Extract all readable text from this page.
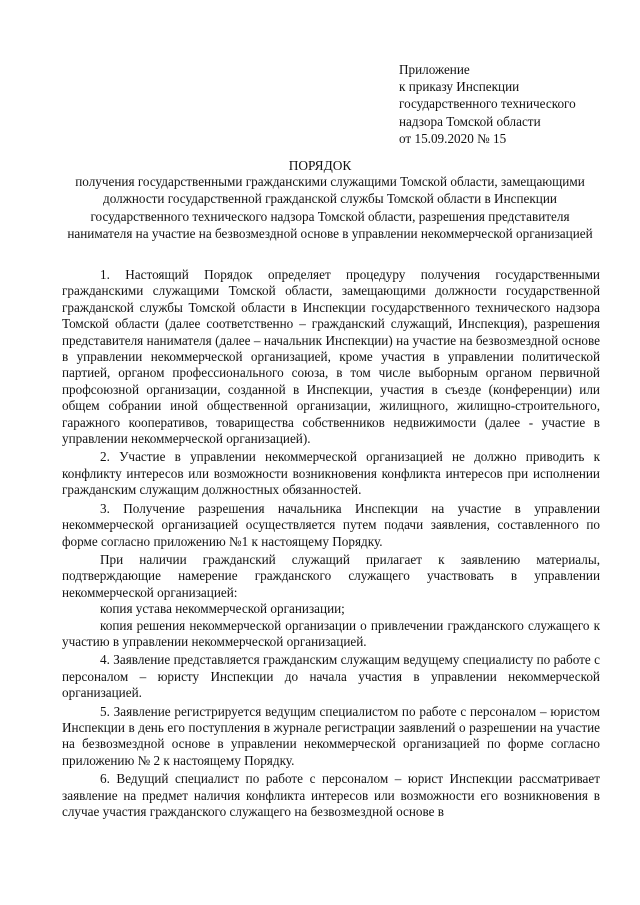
Приложение
к приказу Инспекции
государственного технического
надзора Томской области
от 15.09.2020 № 15
ПОРЯДОК
получения государственными гражданскими служащими Томской области, замещающими должности государственной гражданской службы Томской области в Инспекции государственного технического надзора Томской области, разрешения представителя нанимателя на участие на безвозмездной основе в управлении некоммерческой организацией

1. Настоящий Порядок определяет процедуру получения государственными гражданскими служащими Томской области, замещающими должности государственной гражданской службы Томской области в Инспекции государственного технического надзора Томской области (далее соответственно – гражданский служащий, Инспекция), разрешения представителя нанимателя (далее – начальник Инспекции) на участие на безвозмездной основе в управлении некоммерческой организацией, кроме участия в управлении политической партией, органом профессионального союза, в том числе выборным органом первичной профсоюзной организации, созданной в Инспекции, участия в съезде (конференции) или общем собрании иной общественной организации, жилищного, жилищно-строительного, гаражного кооперативов, товарищества собственников недвижимости (далее - участие в управлении некоммерческой организацией).

2. Участие в управлении некоммерческой организацией не должно приводить к конфликту интересов или возможности возникновения конфликта интересов при исполнении гражданским служащим должностных обязанностей.

3. Получение разрешения начальника Инспекции на участие в управлении некоммерческой организацией осуществляется путем подачи заявления, составленного по форме согласно приложению №1 к настоящему Порядку.

При наличии гражданский служащий прилагает к заявлению материалы, подтверждающие намерение гражданского служащего участвовать в управлении некоммерческой организацией:

копия устава некоммерческой организации;

копия решения некоммерческой организации о привлечении гражданского служащего к участию в управлении некоммерческой организацией.

4. Заявление представляется гражданским служащим ведущему специалисту по работе с персоналом – юристу Инспекции до начала участия в управлении некоммерческой организацией.

5. Заявление регистрируется ведущим специалистом по работе с персоналом – юристом Инспекции в день его поступления в журнале регистрации заявлений о разрешении на участие на безвозмездной основе в управлении некоммерческой организацией по форме согласно приложению № 2 к настоящему Порядку.

6. Ведущий специалист по работе с персоналом – юрист Инспекции рассматривает заявление на предмет наличия конфликта интересов или возможности его возникновения в случае участия гражданского служащего на безвозмездной основе в
